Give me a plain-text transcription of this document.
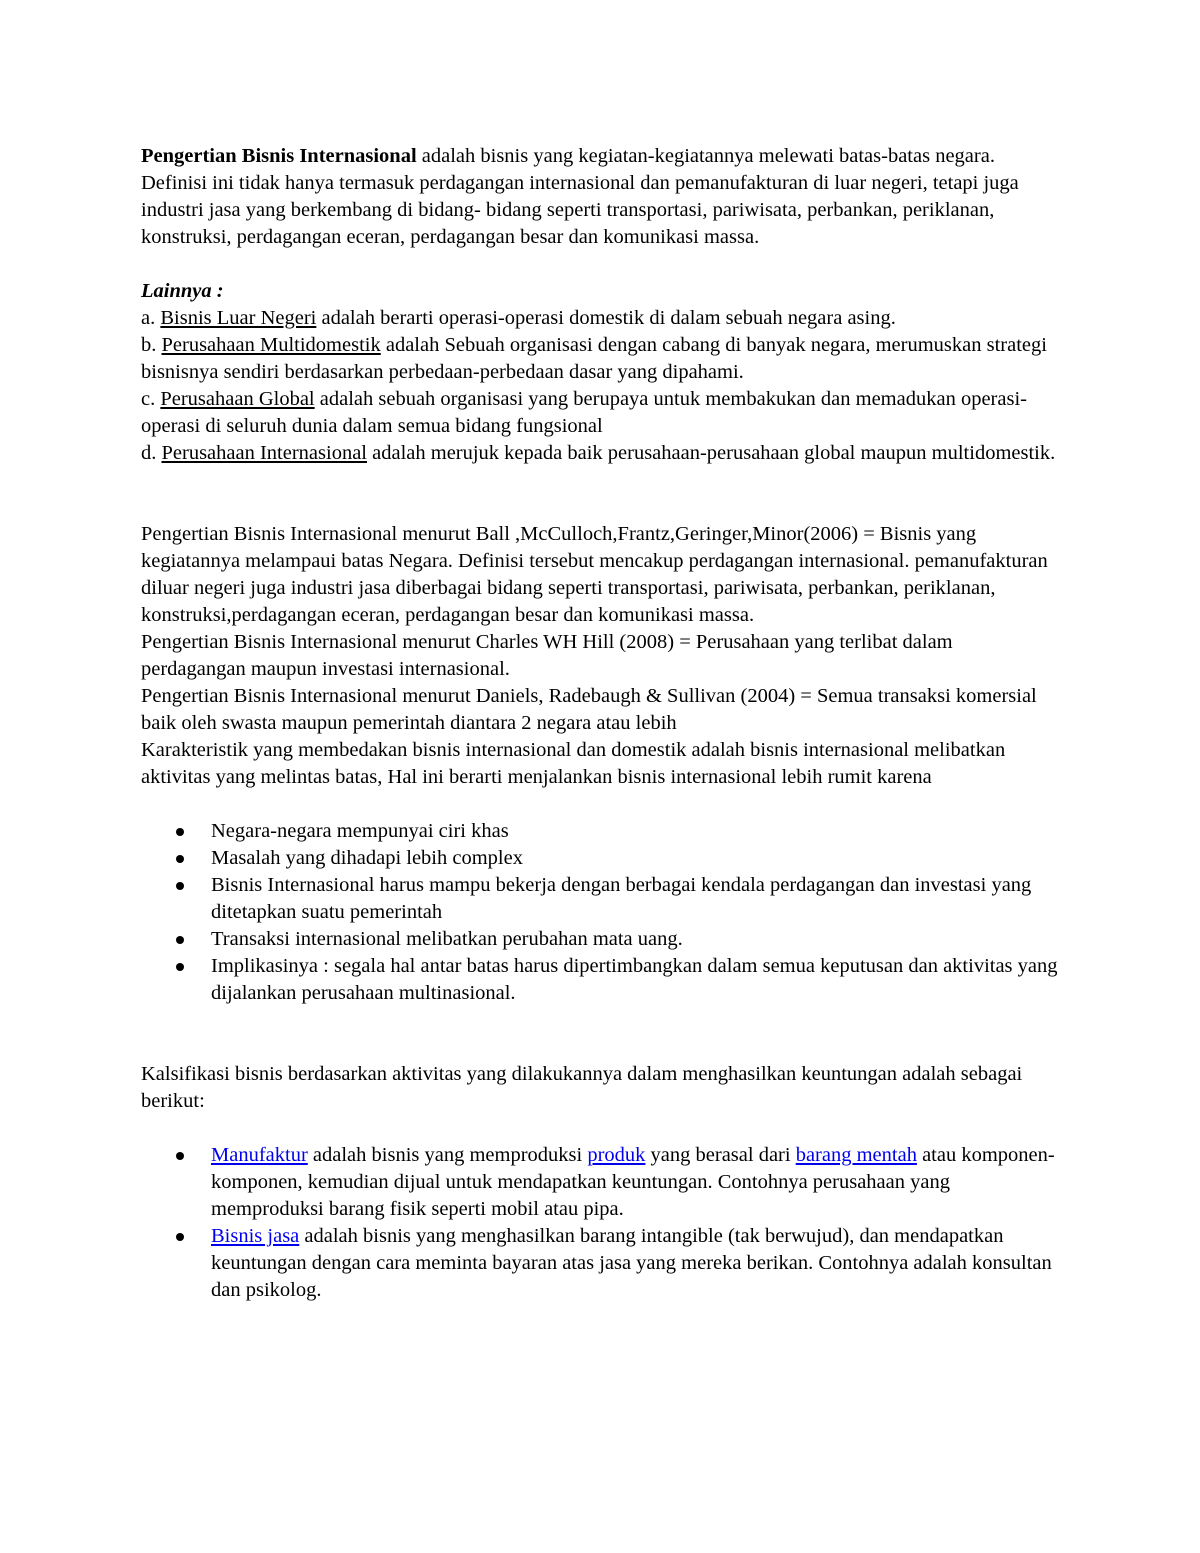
Pengertian Bisnis Internasional adalah bisnis yang kegiatan-kegiatannya melewati batas-batas negara. Definisi ini tidak hanya termasuk perdagangan internasional dan pemanufakturan di luar negeri, tetapi juga industri jasa yang berkembang di bidang- bidang seperti transportasi, pariwisata, perbankan, periklanan, konstruksi, perdagangan eceran, perdagangan besar dan komunikasi massa.

Lainnya :

a. Bisnis Luar Negeri adalah berarti operasi-operasi domestik di dalam sebuah negara asing.

b. Perusahaan Multidomestik adalah Sebuah organisasi dengan cabang di banyak negara, merumuskan strategi bisnisnya sendiri berdasarkan perbedaan-perbedaan dasar yang dipahami.

c. Perusahaan Global adalah sebuah organisasi yang berupaya untuk membakukan dan memadukan operasi-operasi di seluruh dunia dalam semua bidang fungsional

d. Perusahaan Internasional adalah merujuk kepada baik perusahaan-perusahaan global maupun multidomestik.

Pengertian Bisnis Internasional menurut Ball ,McCulloch,Frantz,Geringer,Minor(2006) = Bisnis yang kegiatannya melampaui batas Negara. Definisi tersebut mencakup perdagangan internasional. pemanufakturan diluar negeri juga industri jasa diberbagai bidang seperti transportasi, pariwisata, perbankan, periklanan, konstruksi,perdagangan eceran, perdagangan besar dan komunikasi massa.

Pengertian Bisnis Internasional menurut Charles WH Hill (2008) = Perusahaan yang terlibat dalam perdagangan maupun investasi internasional.

Pengertian Bisnis Internasional menurut Daniels, Radebaugh & Sullivan (2004) = Semua transaksi komersial baik oleh swasta maupun pemerintah diantara 2 negara atau lebih

Karakteristik yang membedakan bisnis internasional dan domestik adalah bisnis internasional melibatkan aktivitas yang melintas batas, Hal ini berarti menjalankan bisnis internasional lebih rumit karena

Negara-negara mempunyai ciri khas
Masalah yang dihadapi lebih complex
Bisnis Internasional harus mampu bekerja dengan berbagai kendala perdagangan dan investasi yang ditetapkan suatu pemerintah
Transaksi internasional melibatkan perubahan mata uang.
Implikasinya : segala hal antar batas harus dipertimbangkan dalam semua keputusan dan aktivitas yang dijalankan perusahaan multinasional.

Kalsifikasi bisnis berdasarkan aktivitas yang dilakukannya dalam menghasilkan keuntungan adalah sebagai berikut:

Manufaktur adalah bisnis yang memproduksi produk yang berasal dari barang mentah atau komponen-komponen, kemudian dijual untuk mendapatkan keuntungan. Contohnya perusahaan yang memproduksi barang fisik seperti mobil atau pipa.
Bisnis jasa adalah bisnis yang menghasilkan barang intangible (tak berwujud), dan mendapatkan keuntungan dengan cara meminta bayaran atas jasa yang mereka berikan. Contohnya adalah konsultan dan psikolog.
